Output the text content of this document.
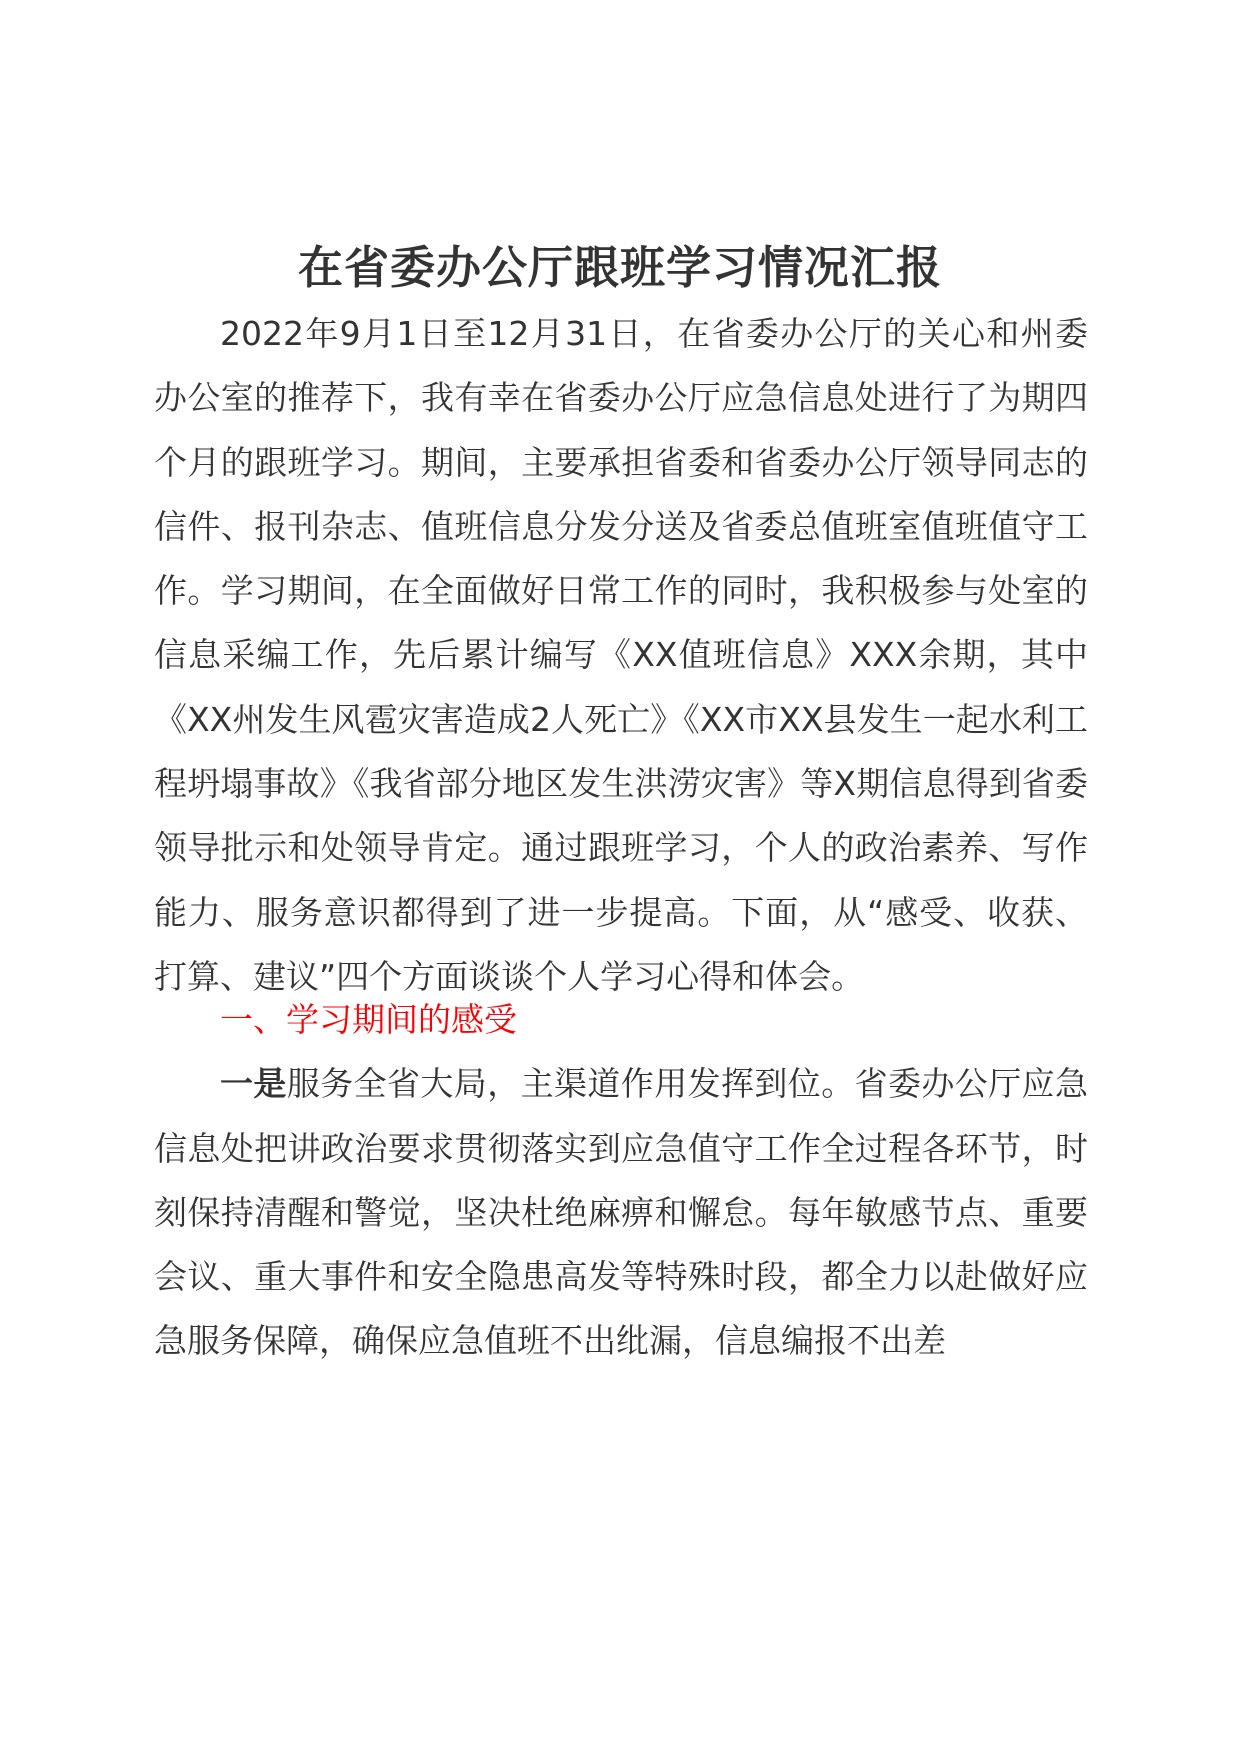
在省委办公厅跟班学习情况汇报

2022年9月1日至12月31日，在省委办公厅的关心和州委办公室的推荐下，我有幸在省委办公厅应急信息处进行了为期四个月的跟班学习。期间，主要承担省委和省委办公厅领导同志的信件、报刊杂志、值班信息分发分送及省委总值班室值班值守工作。学习期间，在全面做好日常工作的同时，我积极参与处室的信息采编工作，先后累计编写《XX值班信息》XXX余期，其中《XX州发生风雹灾害造成2人死亡》《XX市XX县发生一起水利工程坍塌事故》《我省部分地区发生洪涝灾害》等X期信息得到省委领导批示和处领导肯定。通过跟班学习，个人的政治素养、写作能力、服务意识都得到了进一步提高。下面，从“感受、收获、打算、建议”四个方面谈谈个人学习心得和体会。

一、学习期间的感受

一是服务全省大局，主渠道作用发挥到位。省委办公厅应急信息处把讲政治要求贯彻落实到应急值守工作全过程各环节，时刻保持清醒和警觉，坚决杜绝麻痹和懈怠。每年敏感节点、重要会议、重大事件和安全隐患高发等特殊时段，都全力以赴做好应急服务保障，确保应急值班不出纰漏，信息编报不出差
